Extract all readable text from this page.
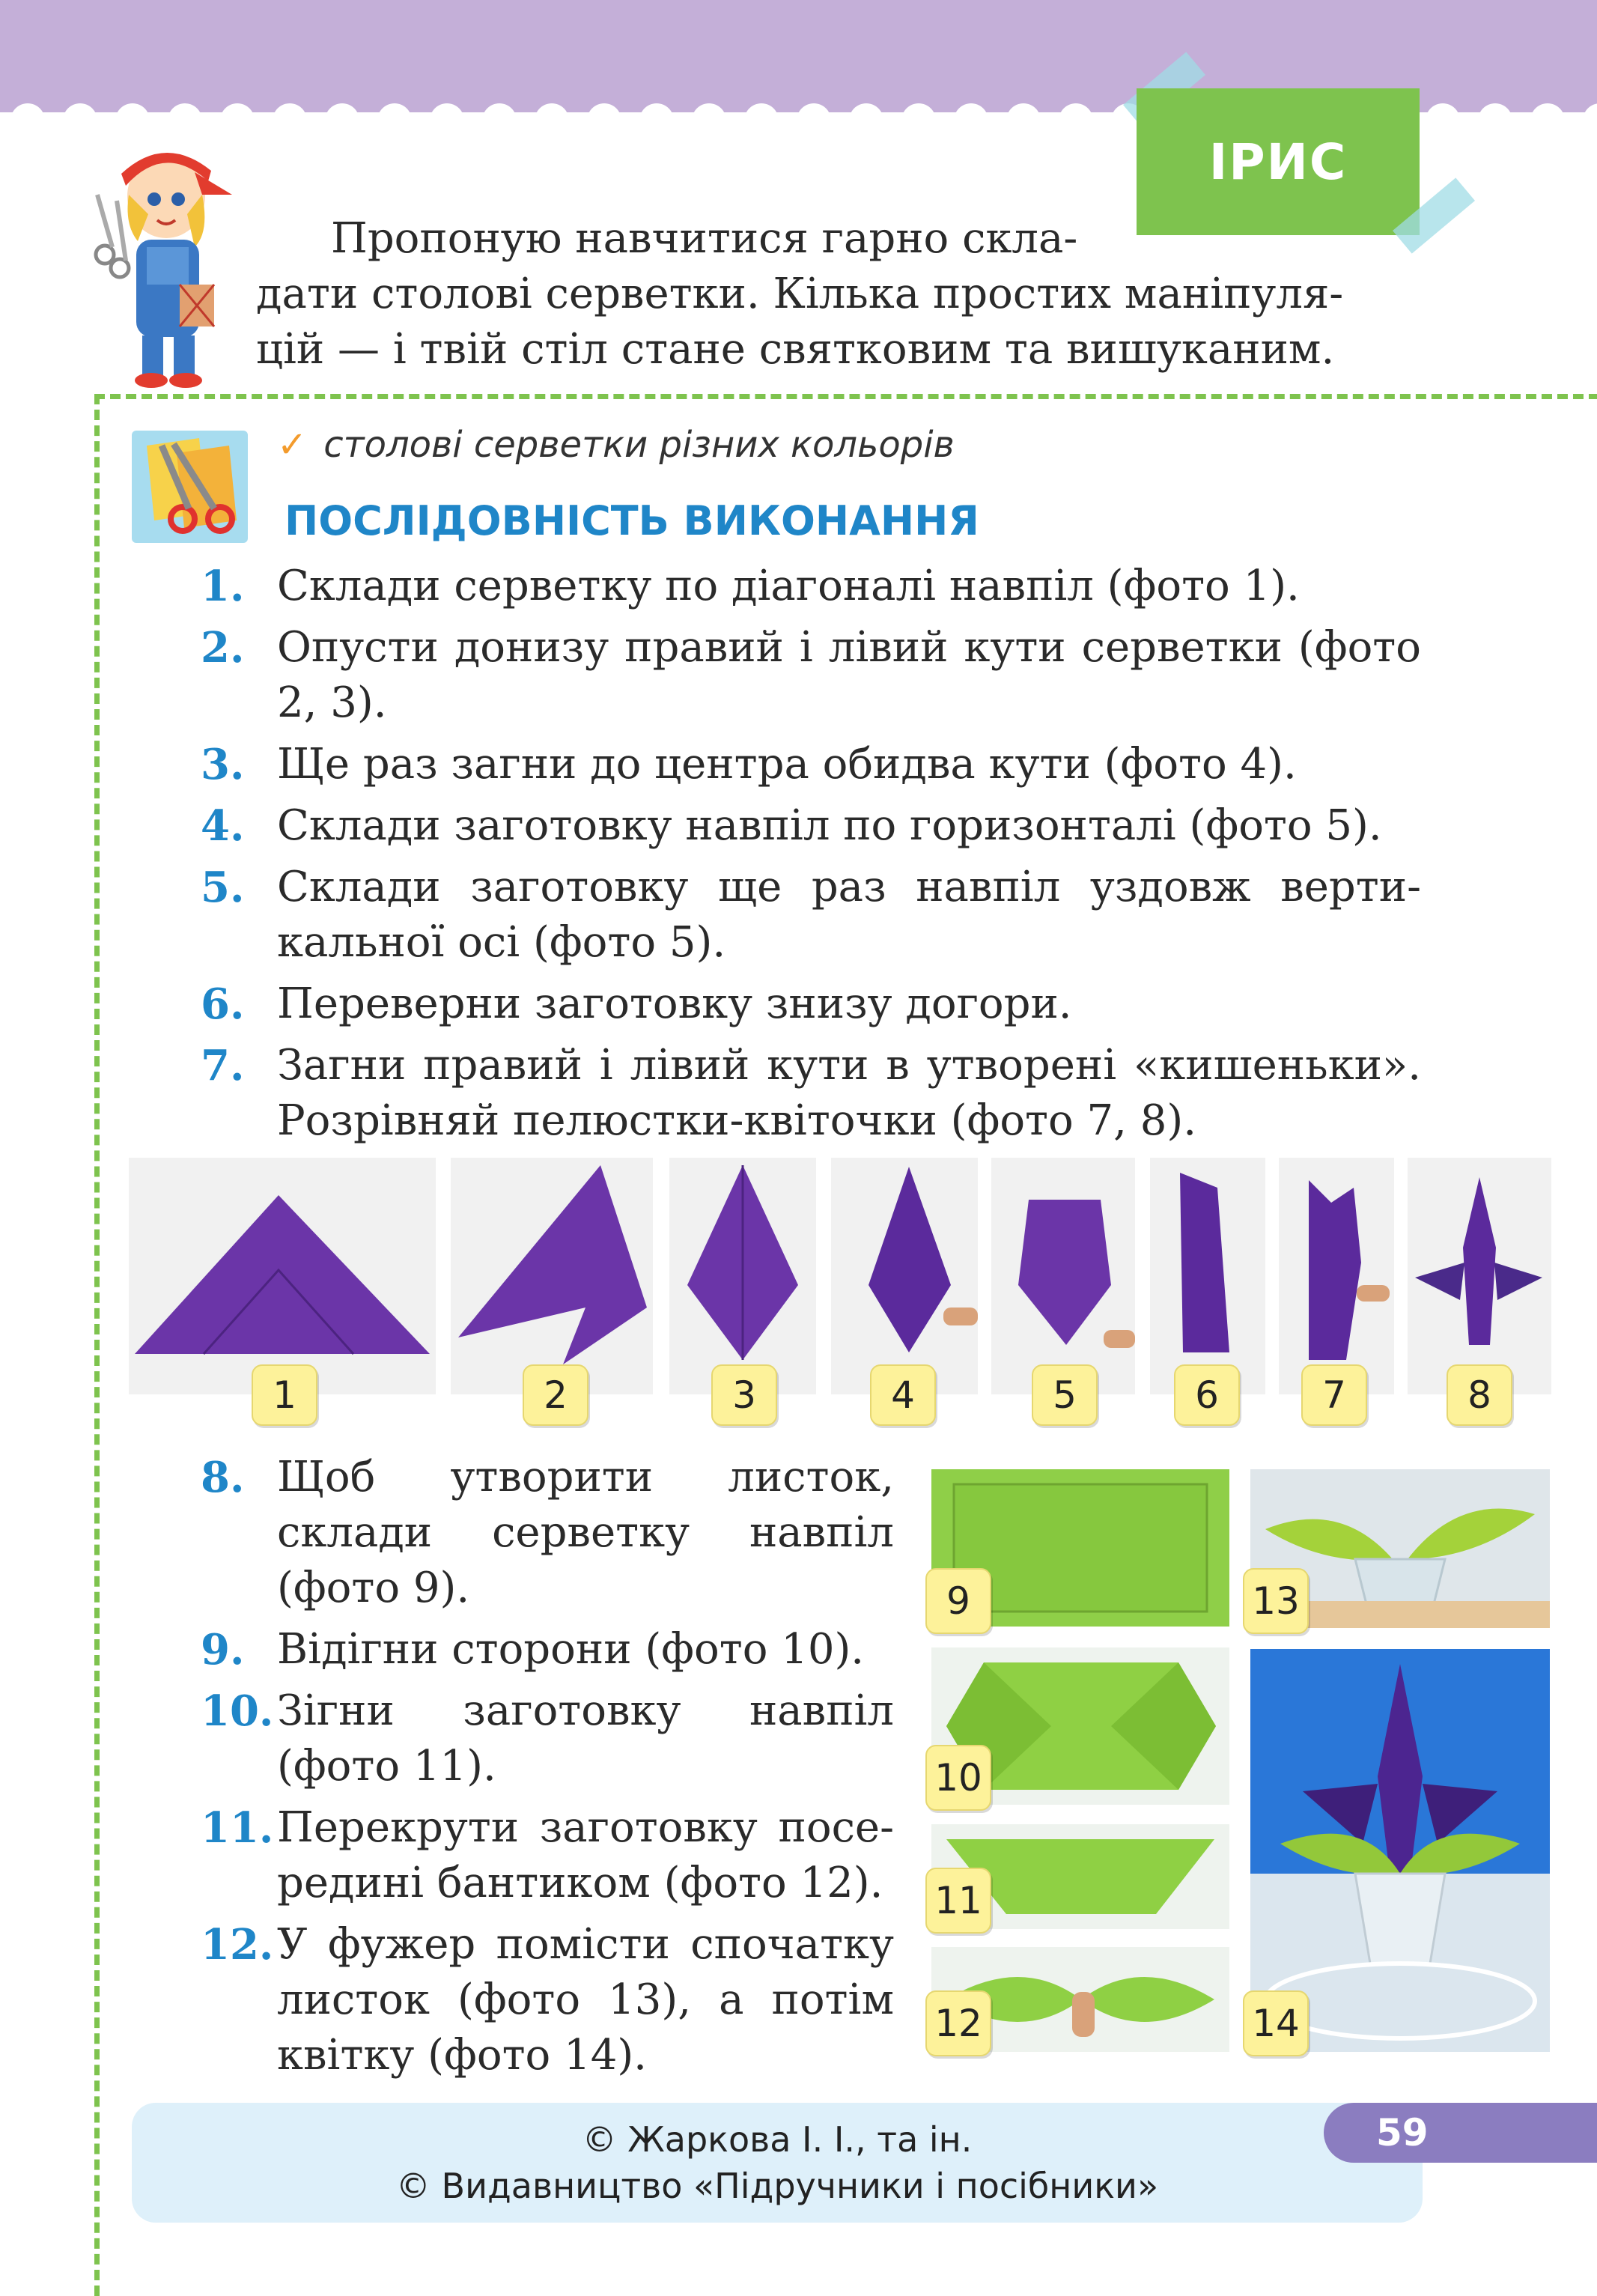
ІРИС
Пропоную навчитися гарно скла-
дати столові серветки. Кілька простих маніпуля-
цій — і твій стіл стане святковим та вишуканим.
✓ столові серветки різних кольорів
ПОСЛІДОВНІСТЬ ВИКОНАННЯ
1. Склади серветку по діагоналі навпіл (фото 1).
2. Опусти донизу правий і лівий кути серветки (фото 2, 3).
3. Ще раз загни до центра обидва кути (фото 4).
4. Склади заготовку навпіл по горизонталі (фото 5).
5. Склади заготовку ще раз навпіл уздовж вертикальної осі (фото 5).
6. Переверни заготовку знизу догори.
7. Загни правий і лівий кути в утворені «кишеньки». Розрівняй пелюстки-квіточки (фото 7, 8).
1	2	3	4	5	6	7	8
8. Щоб утворити листок, склади серветку навпіл (фото 9).
9. Відігни сторони (фото 10).
10. Зігни заготовку навпіл (фото 11).
11. Перекрути заготовку посередині бантиком (фото 12).
12. У фужер помісти спочатку листок (фото 13), а потім квітку (фото 14).
9
10
11
12
13
14
© Жаркова І. І., та ін.
© Видавництво «Підручники і посібники»
59
